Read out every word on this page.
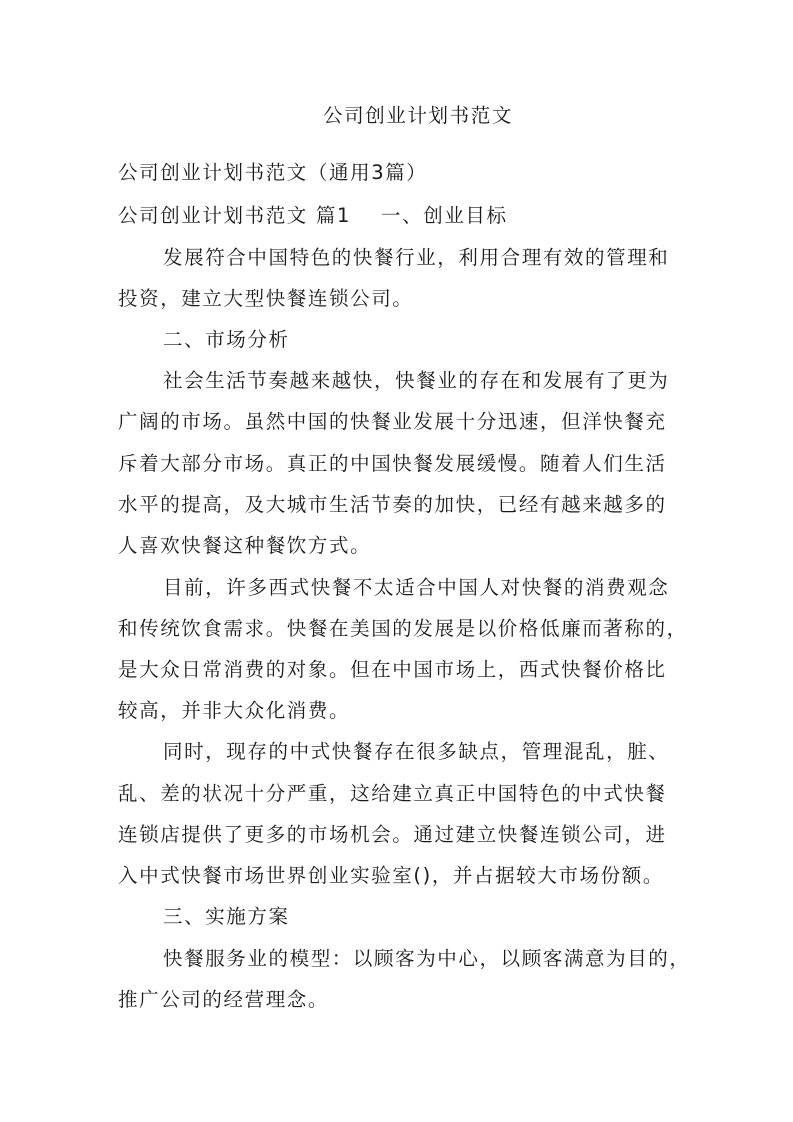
公司创业计划书范文
公司创业计划书范文（通用3篇）
公司创业计划书范文 篇1 一、创业目标
发展符合中国特色的快餐行业，利用合理有效的管理和
投资，建立大型快餐连锁公司。
二、市场分析
社会生活节奏越来越快，快餐业的存在和发展有了更为
广阔的市场。虽然中国的快餐业发展十分迅速，但洋快餐充
斥着大部分市场。真正的中国快餐发展缓慢。随着人们生活
水平的提高，及大城市生活节奏的加快，已经有越来越多的
人喜欢快餐这种餐饮方式。
目前，许多西式快餐不太适合中国人对快餐的消费观念
和传统饮食需求。快餐在美国的发展是以价格低廉而著称的，
是大众日常消费的对象。但在中国市场上，西式快餐价格比
较高，并非大众化消费。
同时，现存的中式快餐存在很多缺点，管理混乱，脏、
乱、差的状况十分严重，这给建立真正中国特色的中式快餐
连锁店提供了更多的市场机会。通过建立快餐连锁公司，进
入中式快餐市场世界创业实验室()，并占据较大市场份额。
三、实施方案
快餐服务业的模型：以顾客为中心，以顾客满意为目的，
推广公司的经营理念。
